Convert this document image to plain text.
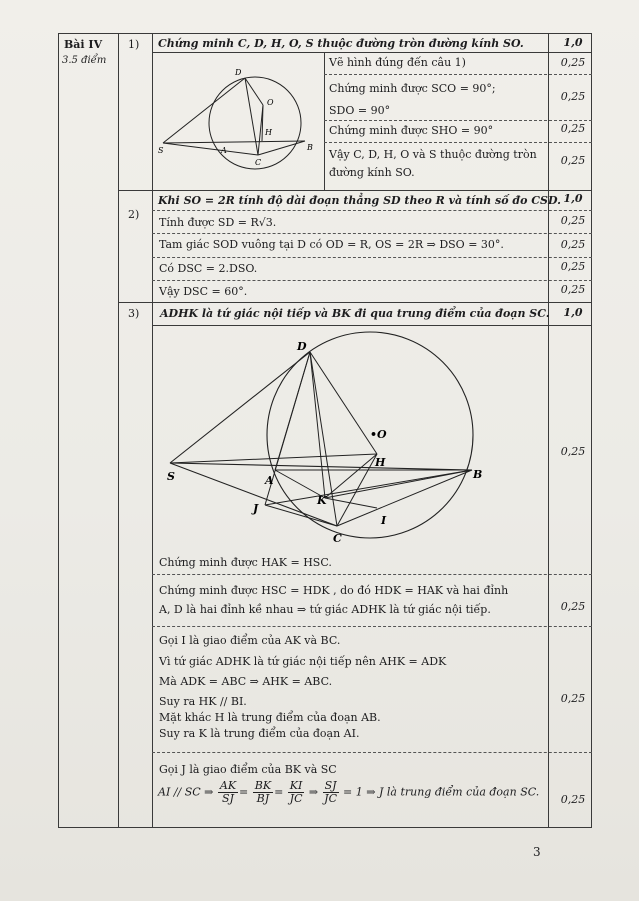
Bài IV
3.5 điểm
1) Chứng minh C, D, H, O, S thuộc đường tròn đường kính SO.	1,0
D
O
H
S	A	B
C
Vẽ hình đúng đến câu 1)	0,25
Chứng minh được SCO = 90°;
SDO = 90°
0,25
Chứng minh được SHO = 90°	0,25
Vậy C, D, H, O và S thuộc đường tròn
đường kính SO.
0,25
2)
Khi SO = 2R tính độ dài đoạn thẳng SD theo R và tính số đo CSD. 1,0
Tính được SD = R√3.	0,25
Tam giác SOD vuông tại D có OD = R, OS = 2R ⇒ DSO = 30°.	0,25
Có DSC = 2.DSO.	0,25
Vậy DSC = 60°.	0,25
3) ADHK là tứ giác nội tiếp và BK đi qua trung điểm của đoạn SC.	1,0
D
•O
S
H
B
A
K
J
I
C
0,25
Chứng minh được HAK = HSC.
Chứng minh được HSC = HDK , do đó HDK = HAK và hai đỉnh
A, D là hai đỉnh kề nhau ⇒ tứ giác ADHK là tứ giác nội tiếp.	0,25
Gọi I là giao điểm của AK và BC.
Vì tứ giác ADHK là tứ giác nội tiếp nên AHK = ADK
Mà ADK = ABC ⇒ AHK = ABC.
Suy ra HK // BI.
Mặt khác H là trung điểm của đoạn AB.
Suy ra K là trung điểm của đoạn AI.
0,25
Gọi J là giao điểm của BK và SC
AI // SC ⇒ $\frac{AK}{SJ} = \frac{BK}{BJ} = \frac{KI}{JC}$ ⇒ $\frac{SJ}{JC} = 1$ ⇒ J là trung điểm của đoạn SC.
0,25
3
